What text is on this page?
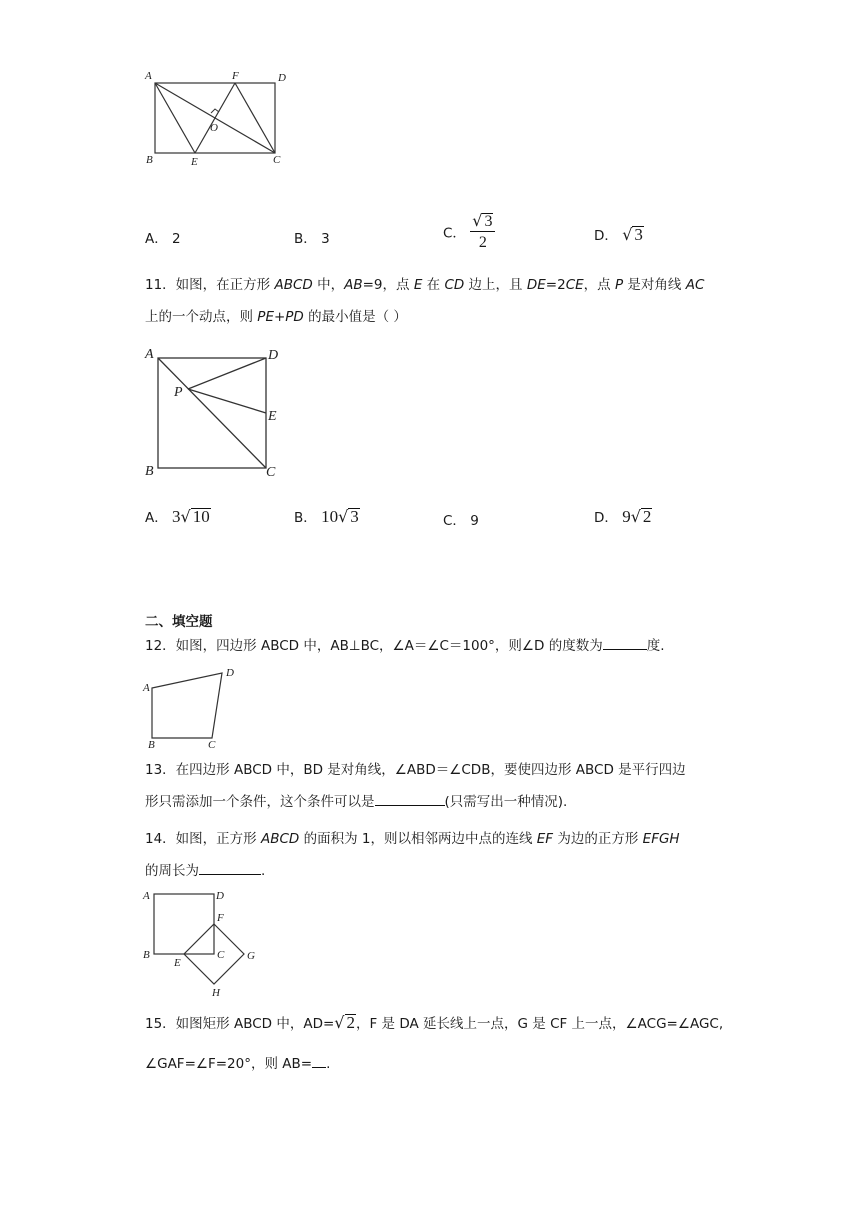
A	F	D
O
B	E	C
A． 2	B． 3	C． $\frac{√ 3}{2}$	D． √ 3
11．如图，在正方形 ABCD 中，AB=9，点 E 在 CD 边上，且 DE=2CE，点 P 是对角线 AC
上的一个动点，则 PE+PD 的最小值是（ ）
A	D
P
E
B	C
A． 3√ 10	B． 10√ 3	C． 9	D． 9√ 2
二、填空题
12．如图，四边形 ABCD 中，AB⊥BC，∠A＝∠C＝100°，则∠D 的度数为	度.
A
D
B	C
13．在四边形 ABCD 中，BD 是对角线，∠ABD＝∠CDB，要使四边形 ABCD 是平行四边
形只需添加一个条件，这个条件可以是	(只需写出一种情况).
14．如图，正方形 ABCD 的面积为 1，则以相邻两边中点的连线 EF 为边的正方形 EFGH
的周长为	.
A	D
F
B
E
C G
H
15．如图矩形 ABCD 中，AD=√ 2，F 是 DA 延长线上一点，G 是 CF 上一点，∠ACG=∠AGC,
∠GAF=∠F=20°，则 AB= .
